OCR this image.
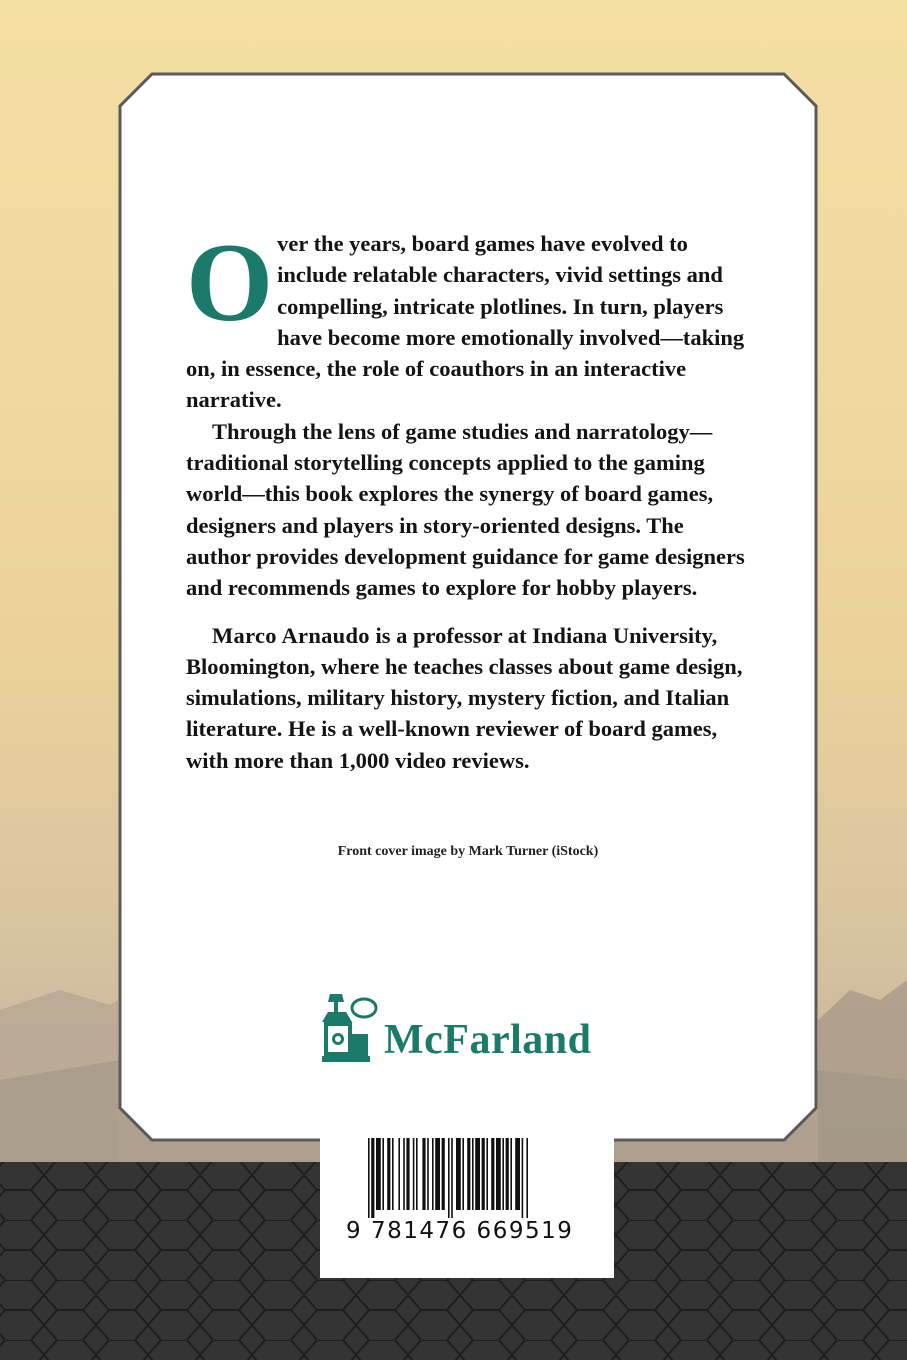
Over the years, board games have evolved to include relatable characters, vivid settings and compelling, intricate plotlines. In turn, players have become more emotionally involved—taking on, in essence, the role of coauthors in an interactive narrative.

Through the lens of game studies and narratology—traditional storytelling concepts applied to the gaming world—this book explores the synergy of board games, designers and players in story-oriented designs. The author provides development guidance for game designers and recommends games to explore for hobby players.

Marco Arnaudo is a professor at Indiana University, Bloomington, where he teaches classes about game design, simulations, military history, mystery fiction, and Italian literature. He is a well-known reviewer of board games, with more than 1,000 video reviews.

Front cover image by Mark Turner (iStock)
McFarland
9 781476 669519
